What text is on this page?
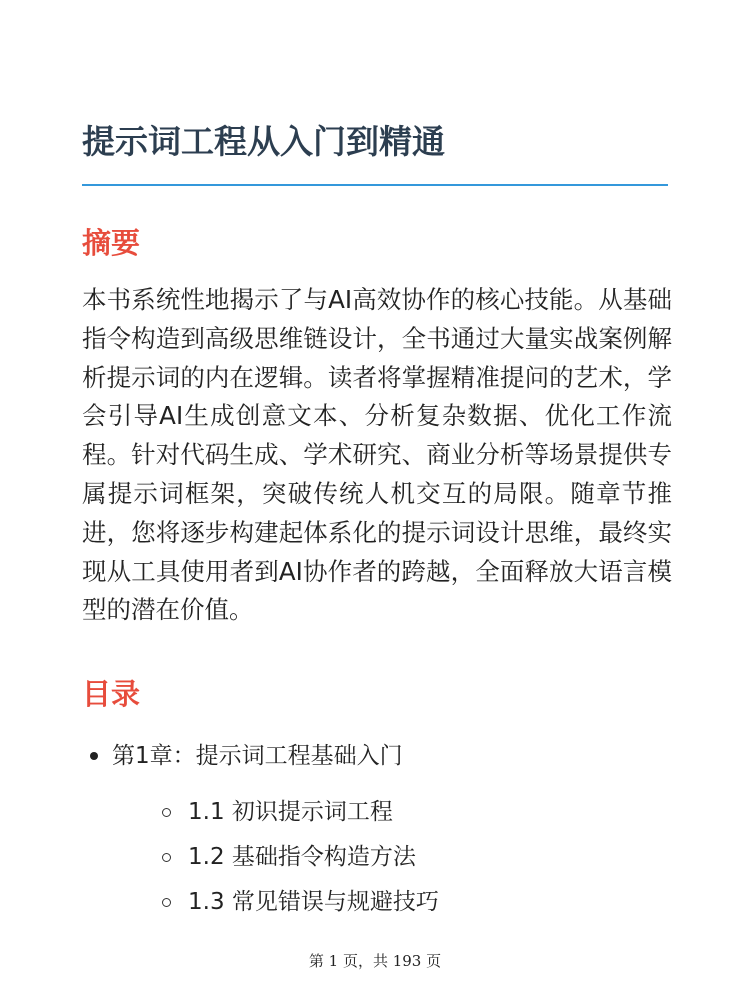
提示词工程从入门到精通
摘要

本书系统性地揭示了与AI高效协作的核心技能。从基础指令构造到高级思维链设计，全书通过大量实战案例解析提示词的内在逻辑。读者将掌握精准提问的艺术，学会引导AI生成创意文本、分析复杂数据、优化工作流程。针对代码生成、学术研究、商业分析等场景提供专属提示词框架，突破传统人机交互的局限。随章节推进，您将逐步构建起体系化的提示词设计思维，最终实现从工具使用者到AI协作者的跨越，全面释放大语言模型的潜在价值。

目录
第1章：提示词工程基础入门
1.1 初识提示词工程
1.2 基础指令构造方法
1.3 常见错误与规避技巧
第 1 页，共 193 页
